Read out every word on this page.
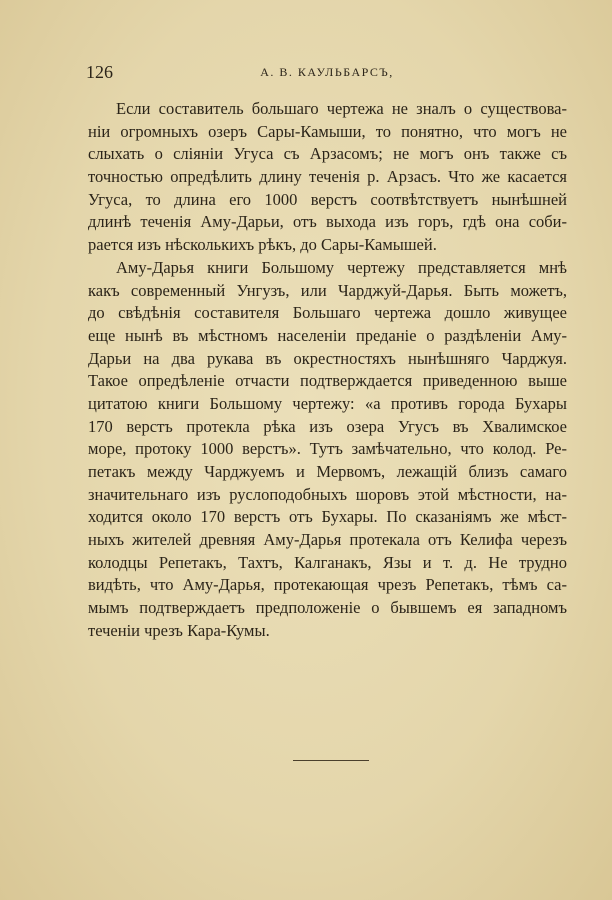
126	А. В. КАУЛЬБАРСЪ,
Если составитель большаго чертежа не зналъ о существова-
нiи огромныхъ озеръ Сары-Камыши, то понятно, что могъ не
слыхать о слiянiи Угуса съ Арзасомъ; не могъ онъ также съ
точностью опредѣлить длину теченiя р. Арзасъ. Что же касается
Угуса, то длина его 1000 верстъ соотвѣтствуетъ нынѣшней
длинѣ теченiя Аму-Дарьи, отъ выхода изъ горъ, гдѣ она соби-
рается изъ нѣсколькихъ рѣкъ, до Сары-Камышей.
Аму-Дарья книги Большому чертежу представляется мнѣ
какъ современный Унгузъ, или Чарджуй-Дарья. Быть можетъ,
до свѣдѣнiя составителя Большаго чертежа дошло живущее
еще нынѣ въ мѣстномъ населенiи преданiе о раздѣленiи Аму-
Дарьи на два рукава въ окрестностяхъ нынѣшняго Чарджуя.
Такое опредѣленiе отчасти подтверждается приведенною выше
цитатою книги Большому чертежу: «а противъ города Бухары
170 верстъ протекла рѣка изъ озера Угусъ въ Хвалимское
море, протоку 1000 верстъ». Тутъ замѣчательно, что колод. Ре-
петакъ между Чарджуемъ и Мервомъ, лежащiй близъ самаго
значительнаго изъ руслоподобныхъ шоровъ этой мѣстности, на-
ходится около 170 верстъ отъ Бухары. По сказанiямъ же мѣст-
ныхъ жителей древняя Аму-Дарья протекала отъ Келифа черезъ
колодцы Репетакъ, Тахтъ, Калганакъ, Язы и т. д. Не трудно
видѣть, что Аму-Дарья, протекающая чрезъ Репетакъ, тѣмъ са-
мымъ подтверждаетъ предположенiе о бывшемъ ея западномъ
теченiи чрезъ Кара-Кумы.
